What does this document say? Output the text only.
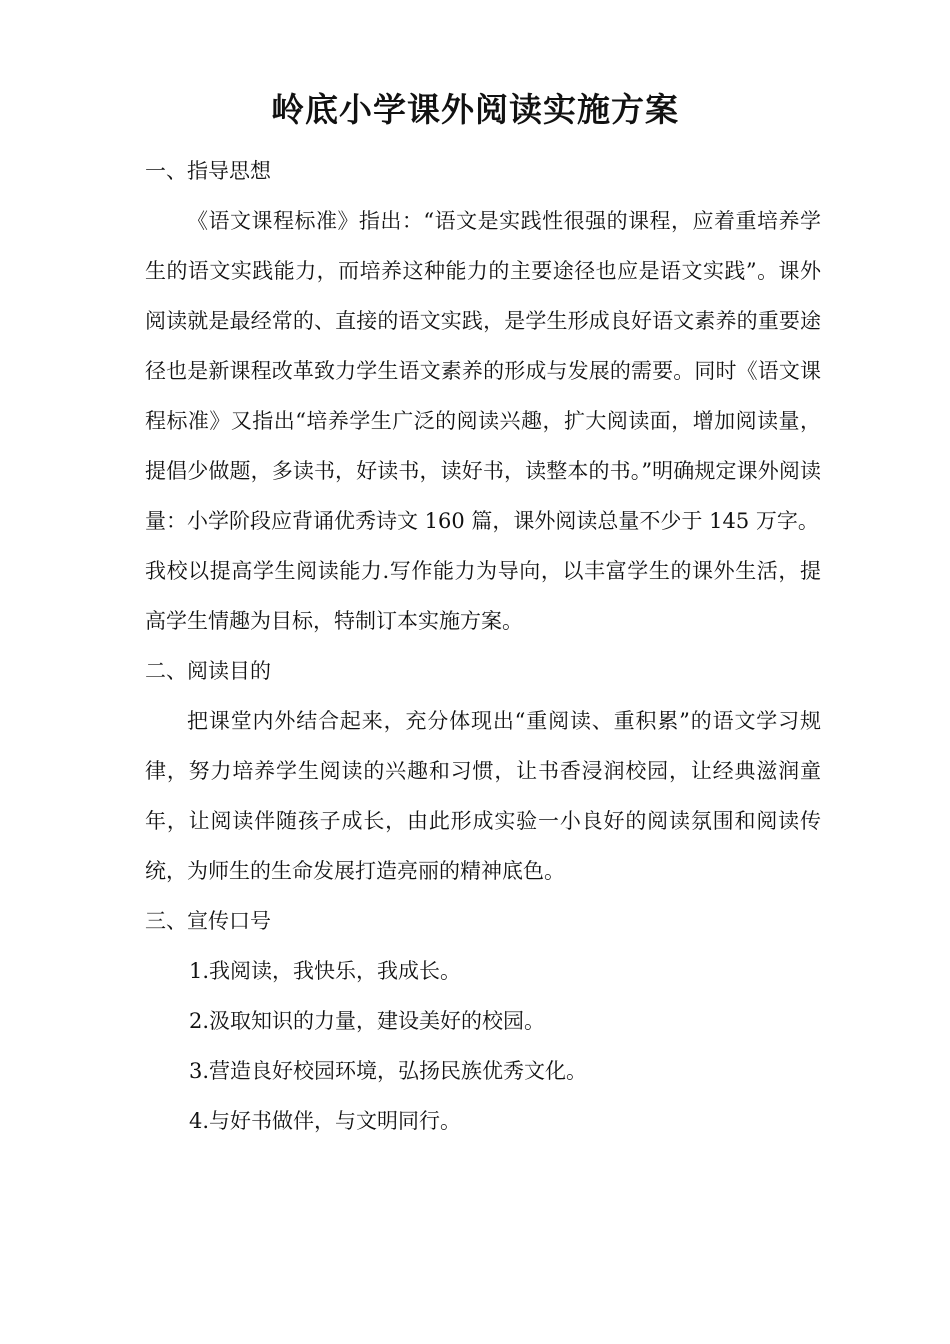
岭底小学课外阅读实施方案

一、指导思想

《语文课程标准》指出：“语文是实践性很强的课程，应着重培养学生的语文实践能力，而培养这种能力的主要途径也应是语文实践”。课外阅读就是最经常的、直接的语文实践，是学生形成良好语文素养的重要途径也是新课程改革致力学生语文素养的形成与发展的需要。同时《语文课程标准》又指出“培养学生广泛的阅读兴趣，扩大阅读面，增加阅读量，提倡少做题，多读书，好读书，读好书，读整本的书。”明确规定课外阅读量：小学阶段应背诵优秀诗文 160 篇，课外阅读总量不少于 145 万字。

我校以提高学生阅读能力.写作能力为导向，以丰富学生的课外生活，提高学生情趣为目标，特制订本实施方案。

二、阅读目的

把课堂内外结合起来，充分体现出“重阅读、重积累”的语文学习规律，努力培养学生阅读的兴趣和习惯，让书香浸润校园，让经典滋润童年，让阅读伴随孩子成长，由此形成实验一小良好的阅读氛围和阅读传统，为师生的生命发展打造亮丽的精神底色。

三、宣传口号

1.我阅读，我快乐，我成长。

2.汲取知识的力量，建设美好的校园。

3.营造良好校园环境，弘扬民族优秀文化。

4.与好书做伴，与文明同行。
